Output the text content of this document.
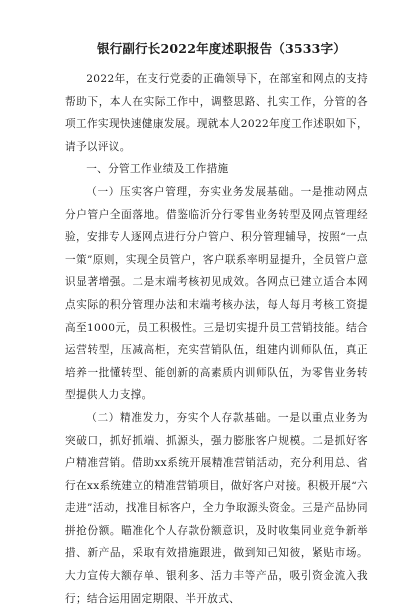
银行副行长2022年度述职报告（3533字）

2022年，在支行党委的正确领导下，在部室和网点的支持帮助下，本人在实际工作中，调整思路、扎实工作，分管的各项工作实现快速健康发展。现就本人2022年度工作述职如下，请予以评议。

一、分管工作业绩及工作措施

（一）压实客户管理，夯实业务发展基础。一是推动网点分户管户全面落地。借鉴临沂分行零售业务转型及网点管理经验，安排专人逐网点进行分户管户、积分管理辅导，按照“一点一策”原则，实现全员管户，客户联系率明显提升，全员管户意识显著增强。二是末端考核初见成效。各网点已建立适合本网点实际的积分管理办法和末端考核办法，每人每月考核工资提高至1000元，员工积极性。三是切实提升员工营销技能。结合运营转型，压减高柜，充实营销队伍，组建内训师队伍，真正培养一批懂转型、能创新的高素质内训师队伍，为零售业务转型提供人力支撑。

（二）精准发力，夯实个人存款基础。一是以重点业务为突破口，抓好抓端、抓源头，强力膨胀客户规模。二是抓好客户精准营销。借助xx系统开展精准营销活动，充分利用总、省行在xx系统建立的精准营销项目，做好客户对接。积极开展“六走进”活动，找准目标客户，全力争取源头资金。三是产品协同拼抢份额。瞄准化个人存款份额意识，及时收集同业竞争新举措、新产品，采取有效措施跟进，做到知己知彼，紧贴市场。大力宣传大额存单、银利多、活力丰等产品，吸引资金流入我行；结合运用固定期限、半开放式、
